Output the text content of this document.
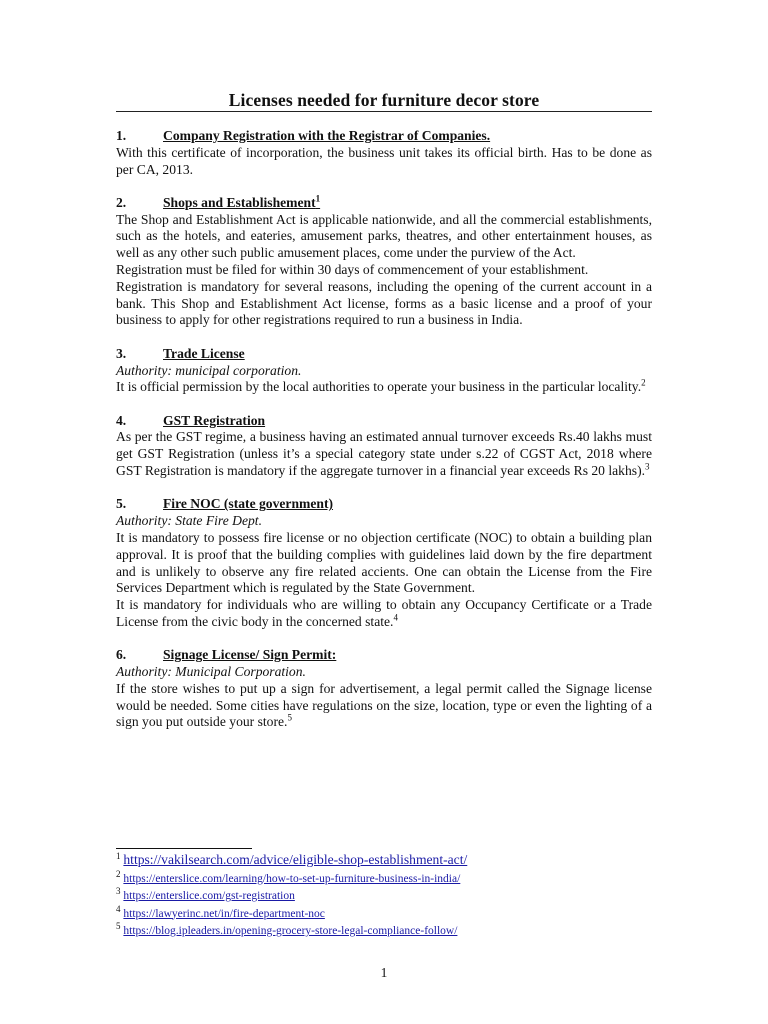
Licenses needed for furniture decor store
1.	Company Registration with the Registrar of Companies.

With this certificate of incorporation, the business unit takes its official birth. Has to be done as per CA, 2013.

2.	Shops and Establishement$^1$

The Shop and Establishment Act is applicable nationwide, and all the commercial establishments, such as the hotels, and eateries, amusement parks, theatres, and other entertainment houses, as well as any other such public amusement places, come under the purview of the Act.

Registration must be filed for within 30 days of commencement of your establishment.

Registration is mandatory for several reasons, including the opening of the current account in a bank. This Shop and Establishment Act license, forms as a basic license and a proof of your business to apply for other registrations required to run a business in India.

3.	Trade License

Authority: municipal corporation.

It is official permission by the local authorities to operate your business in the particular locality.$^2$

4.	GST Registration

As per the GST regime, a business having an estimated annual turnover exceeds Rs.40 lakhs must get GST Registration (unless it’s a special category state under s.22 of CGST Act, 2018 where GST Registration is mandatory if the aggregate turnover in a financial year exceeds Rs 20 lakhs).$^3$

5.	Fire NOC (state government)

Authority: State Fire Dept.

It is mandatory to possess fire license or no objection certificate (NOC) to obtain a building plan approval. It is proof that the building complies with guidelines laid down by the fire department and is unlikely to observe any fire related accients. One can obtain the License from the Fire Services Department which is regulated by the State Government.

It is mandatory for individuals who are willing to obtain any Occupancy Certificate or a Trade License from the civic body in the concerned state.$^4$

6.	Signage License/ Sign Permit:

Authority: Municipal Corporation.

If the store wishes to put up a sign for advertisement, a legal permit called the Signage license would be needed. Some cities have regulations on the size, location, type or even the lighting of a sign you put outside your store.$^5$

$^1$ https://vakilsearch.com/advice/eligible-shop-establishment-act/
$^2$ https://enterslice.com/learning/how-to-set-up-furniture-business-in-india/
$^3$ https://enterslice.com/gst-registration
$^4$ https://lawyerinc.net/in/fire-department-noc
$^5$ https://blog.ipleaders.in/opening-grocery-store-legal-compliance-follow/
1
